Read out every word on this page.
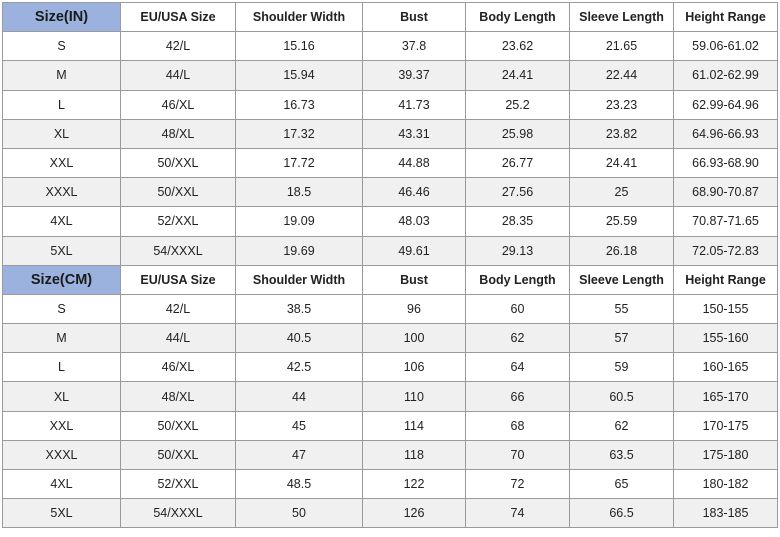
Size(IN)	EU/USA Size	Shoulder Width	Bust	Body Length	Sleeve Length	Height Range
S	42/L	15.16	37.8	23.62	21.65	59.06-61.02
M	44/L	15.94	39.37	24.41	22.44	61.02-62.99
L	46/XL	16.73	41.73	25.2	23.23	62.99-64.96
XL	48/XL	17.32	43.31	25.98	23.82	64.96-66.93
XXL	50/XXL	17.72	44.88	26.77	24.41	66.93-68.90
XXXL	50/XXL	18.5	46.46	27.56	25	68.90-70.87
4XL	52/XXL	19.09	48.03	28.35	25.59	70.87-71.65
5XL	54/XXXL	19.69	49.61	29.13	26.18	72.05-72.83
Size(CM)	EU/USA Size	Shoulder Width	Bust	Body Length	Sleeve Length	Height Range
S	42/L	38.5	96	60	55	150-155
M	44/L	40.5	100	62	57	155-160
L	46/XL	42.5	106	64	59	160-165
XL	48/XL	44	110	66	60.5	165-170
XXL	50/XXL	45	114	68	62	170-175
XXXL	50/XXL	47	118	70	63.5	175-180
4XL	52/XXL	48.5	122	72	65	180-182
5XL	54/XXXL	50	126	74	66.5	183-185
